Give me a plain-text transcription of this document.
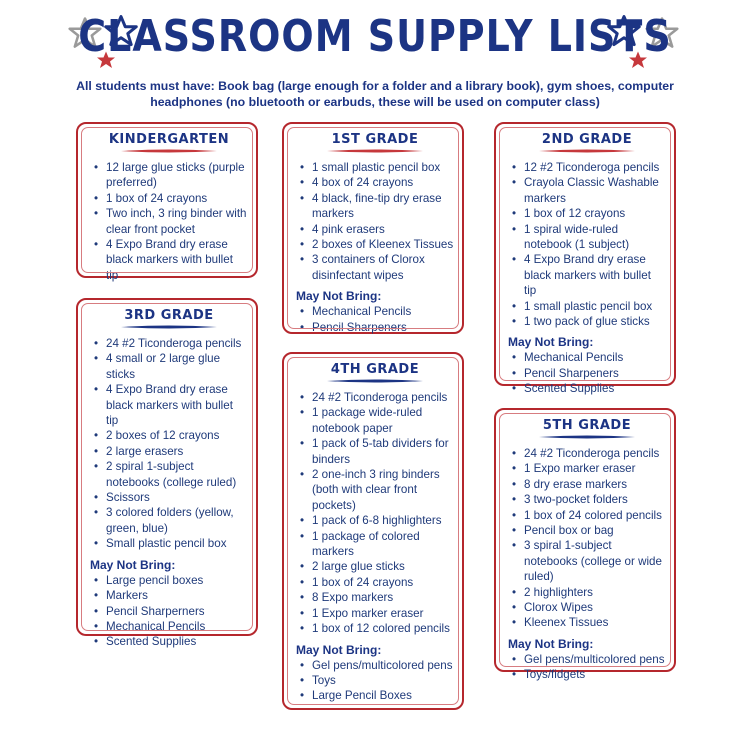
CLASSROOM SUPPLY LISTS
All students must have: Book bag (large enough for a folder and a library book), gym shoes, computer headphones (no bluetooth or earbuds, these will be used on computer class)
KINDERGARTEN
• 12 large glue sticks (purple preferred)
• 1 box of 24 crayons
• Two inch, 3 ring binder with clear front pocket
• 4 Expo Brand dry erase black markers with bullet tip
1ST GRADE
• 1 small plastic pencil box
• 4 box of 24 crayons
• 4 black, fine-tip dry erase markers
• 4 pink erasers
• 2 boxes of Kleenex Tissues
• 3 containers of Clorox disinfectant wipes
May Not Bring:
• Mechanical Pencils
• Pencil Sharpeners
2ND GRADE
• 12 #2 Ticonderoga pencils
• Crayola Classic Washable markers
• 1 box of 12 crayons
• 1 spiral wide-ruled notebook (1 subject)
• 4 Expo Brand dry erase black markers with bullet tip
• 1 small plastic pencil box
• 1 two pack of glue sticks
May Not Bring:
• Mechanical Pencils
• Pencil Sharpeners
• Scented Supplies
3RD GRADE
• 24 #2 Ticonderoga pencils
• 4 small or 2 large glue sticks
• 4 Expo Brand dry erase black markers with bullet tip
• 2 boxes of 12 crayons
• 2 large erasers
• 2 spiral 1-subject notebooks (college ruled)
• Scissors
• 3 colored folders (yellow, green, blue)
• Small plastic pencil box
May Not Bring:
• Large pencil boxes
• Markers
• Pencil Sharperners
• Mechanical Pencils
• Scented Supplies
4TH GRADE
• 24 #2 Ticonderoga pencils
• 1 package wide-ruled notebook paper
• 1 pack of 5-tab dividers for binders
• 2 one-inch 3 ring binders (both with clear front pockets)
• 1 pack of 6-8 highlighters
• 1 package of colored markers
• 2 large glue sticks
• 1 box of 24 crayons
• 8 Expo markers
• 1 Expo marker eraser
• 1 box of 12 colored pencils
May Not Bring:
• Gel pens/multicolored pens
• Toys
• Large Pencil Boxes
5TH GRADE
• 24 #2 Ticonderoga pencils
• 1 Expo marker eraser
• 8 dry erase markers
• 3 two-pocket folders
• 1 box of 24 colored pencils
• Pencil box or bag
• 3 spiral 1-subject notebooks (college or wide ruled)
• 2 highlighters
• Clorox Wipes
• Kleenex Tissues
May Not Bring:
• Gel pens/multicolored pens
• Toys/fidgets
